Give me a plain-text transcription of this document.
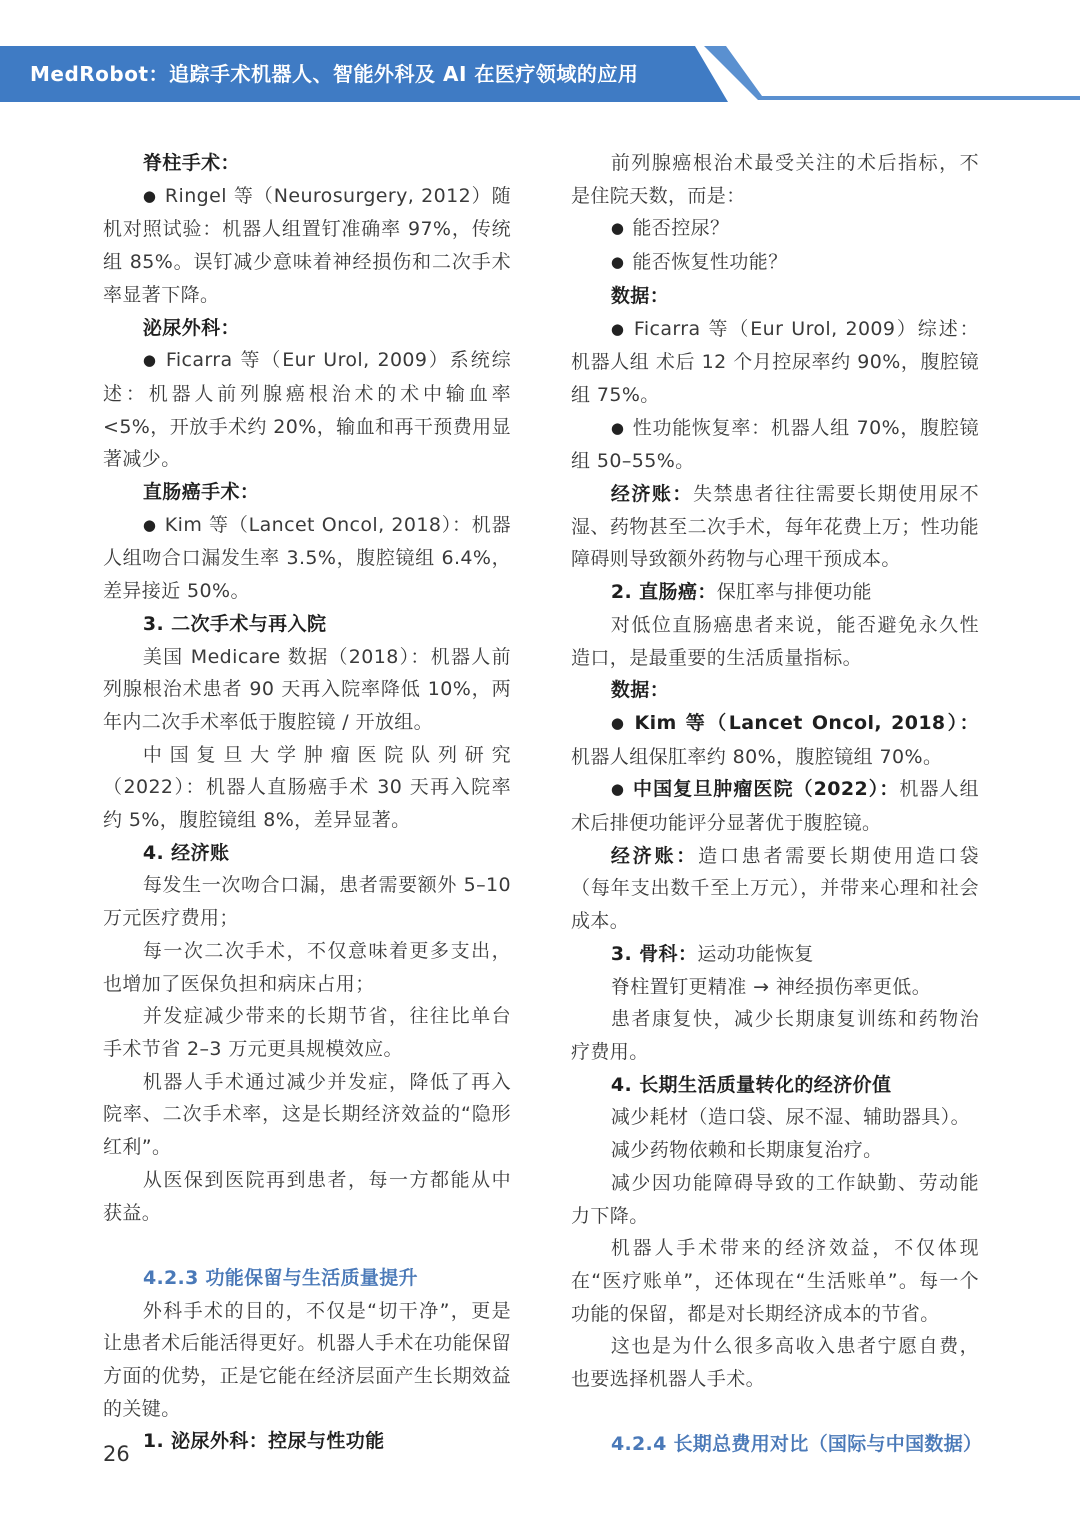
MedRobot：追踪手术机器人、智能外科及 AI 在医疗领域的应用

脊柱手术：

● Ringel 等（Neurosurgery, 2012）随机对照试验：机器人组置钉准确率 97%，传统组 85%。误钉减少意味着神经损伤和二次手术率显著下降。

泌尿外科：

● Ficarra 等（Eur Urol, 2009）系统综述：机器人前列腺癌根治术的术中输血率 <5%，开放手术约 20%，输血和再干预费用显著减少。

直肠癌手术：

● Kim 等（Lancet Oncol, 2018）：机器人组吻合口漏发生率 3.5%，腹腔镜组 6.4%，差异接近 50%。

3. 二次手术与再入院

美国 Medicare 数据（2018）：机器人前列腺根治术患者 90 天再入院率降低 10%，两年内二次手术率低于腹腔镜 / 开放组。

中国复旦大学肿瘤医院队列研究（2022）：机器人直肠癌手术 30 天再入院率约 5%，腹腔镜组 8%，差异显著。

4. 经济账

每发生一次吻合口漏，患者需要额外 5–10 万元医疗费用；

每一次二次手术，不仅意味着更多支出，也增加了医保负担和病床占用；

并发症减少带来的长期节省，往往比单台手术节省 2–3 万元更具规模效应。

机器人手术通过减少并发症，降低了再入院率、二次手术率，这是长期经济效益的“隐形红利”。

从医保到医院再到患者，每一方都能从中获益。

4.2.3 功能保留与生活质量提升

外科手术的目的，不仅是“切干净”，更是让患者术后能活得更好。机器人手术在功能保留方面的优势，正是它能在经济层面产生长期效益的关键。

1. 泌尿外科：控尿与性功能

前列腺癌根治术最受关注的术后指标，不是住院天数，而是：

● 能否控尿？

● 能否恢复性功能？

数据：

● Ficarra 等（Eur Urol, 2009）综述：机器人组 术后 12 个月控尿率约 90%，腹腔镜组 75%。

● 性功能恢复率：机器人组 70%，腹腔镜组 50–55%。

经济账：失禁患者往往需要长期使用尿不湿、药物甚至二次手术，每年花费上万；性功能障碍则导致额外药物与心理干预成本。

2. 直肠癌：保肛率与排便功能

对低位直肠癌患者来说，能否避免永久性造口，是最重要的生活质量指标。

数据：

● Kim 等（Lancet Oncol, 2018）：机器人组保肛率约 80%，腹腔镜组 70%。

● 中国复旦肿瘤医院（2022）：机器人组术后排便功能评分显著优于腹腔镜。

经济账：造口患者需要长期使用造口袋（每年支出数千至上万元），并带来心理和社会成本。

3. 骨科：运动功能恢复

脊柱置钉更精准 → 神经损伤率更低。

患者康复快，减少长期康复训练和药物治疗费用。

4. 长期生活质量转化的经济价值

减少耗材（造口袋、尿不湿、辅助器具）。

减少药物依赖和长期康复治疗。

减少因功能障碍导致的工作缺勤、劳动能力下降。

机器人手术带来的经济效益，不仅体现在“医疗账单”，还体现在“生活账单”。每一个功能的保留，都是对长期经济成本的节省。

这也是为什么很多高收入患者宁愿自费，也要选择机器人手术。

4.2.4 长期总费用对比（国际与中国数据）

26
